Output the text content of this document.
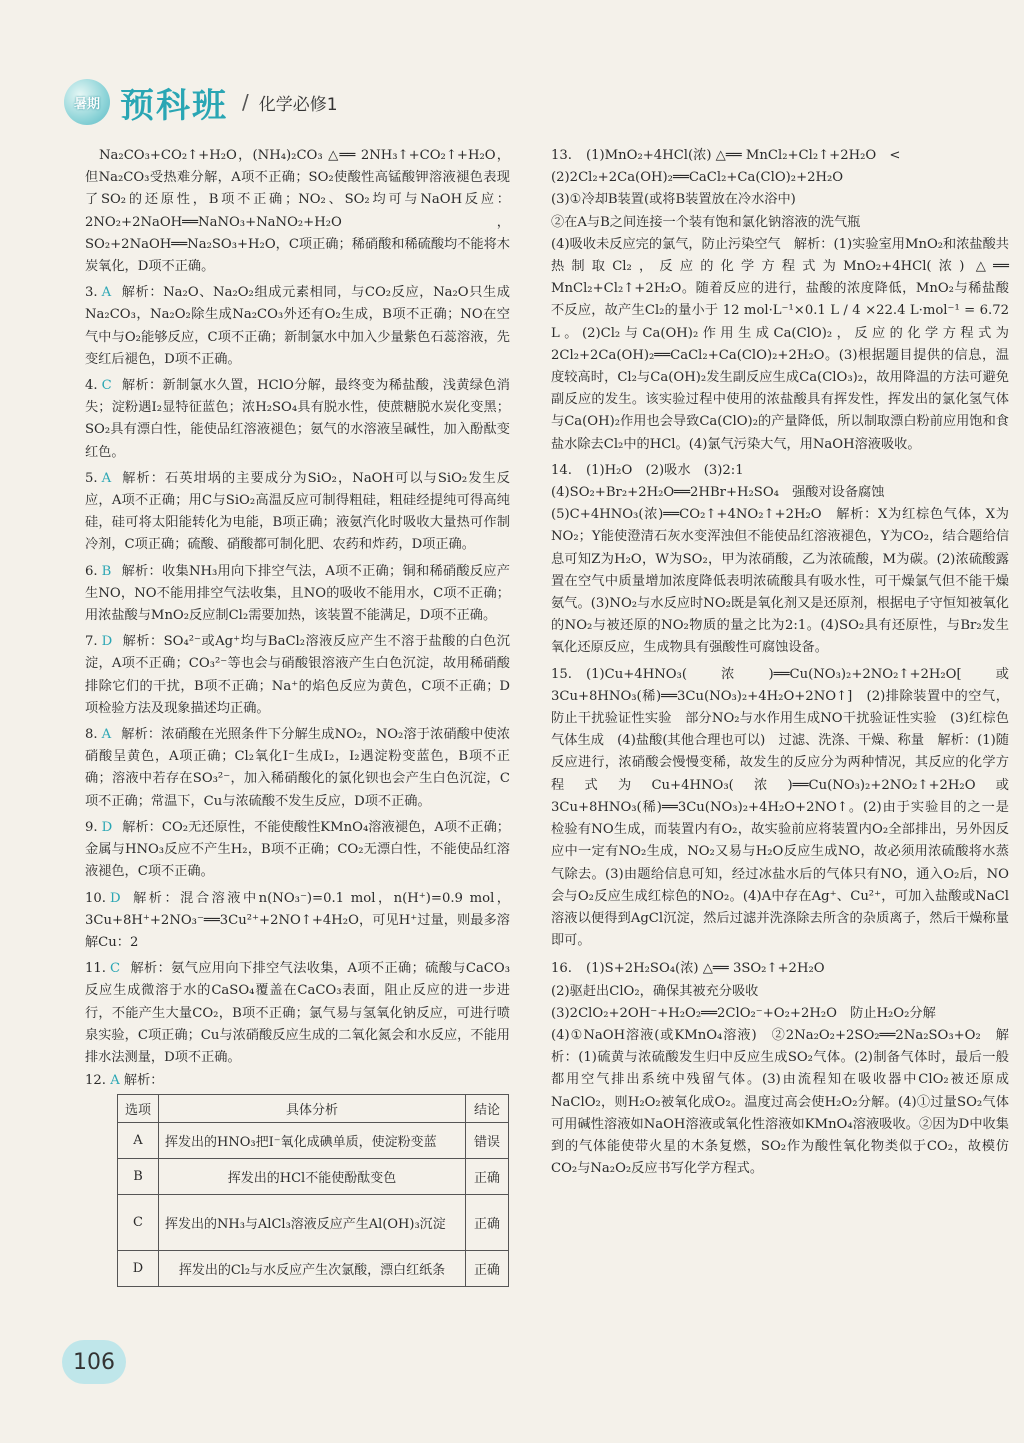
暑期 预科班 / 化学必修1
Na₂CO₃+CO₂↑+H₂O，(NH₄)₂CO₃ △══ 2NH₃↑+CO₂↑+H₂O，但Na₂CO₃受热难分解，A项不正确；SO₂使酸性高锰酸钾溶液褪色表现了SO₂的还原性，B项不正确；NO₂、SO₂均可与NaOH反应：2NO₂+2NaOH══NaNO₃+NaNO₂+H₂O，SO₂+2NaOH══Na₂SO₃+H₂O，C项正确；稀硝酸和稀硫酸均不能将木炭氧化，D项不正确。
3. A 解析：Na₂O、Na₂O₂组成元素相同，与CO₂反应，Na₂O只生成Na₂CO₃，Na₂O₂除生成Na₂CO₃外还有O₂生成，B项不正确；NO在空气中与O₂能够反应，C项不正确；新制氯水中加入少量紫色石蕊溶液，先变红后褪色，D项不正确。
4. C 解析：新制氯水久置，HClO分解，最终变为稀盐酸，浅黄绿色消失；淀粉遇I₂显特征蓝色；浓H₂SO₄具有脱水性，使蔗糖脱水炭化变黑；SO₂具有漂白性，能使品红溶液褪色；氨气的水溶液呈碱性，加入酚酞变红色。
5. A 解析：石英坩埚的主要成分为SiO₂，NaOH可以与SiO₂发生反应，A项不正确；用C与SiO₂高温反应可制得粗硅，粗硅经提纯可得高纯硅，硅可将太阳能转化为电能，B项正确；液氨汽化时吸收大量热可作制冷剂，C项正确；硫酸、硝酸都可制化肥、农药和炸药，D项正确。
6. B 解析：收集NH₃用向下排空气法，A项不正确；铜和稀硝酸反应产生NO，NO不能用排空气法收集，且NO的吸收不能用水，C项不正确；用浓盐酸与MnO₂反应制Cl₂需要加热，该装置不能满足，D项不正确。
7. D 解析：SO₄²⁻或Ag⁺均与BaCl₂溶液反应产生不溶于盐酸的白色沉淀，A项不正确；CO₃²⁻等也会与硝酸银溶液产生白色沉淀，故用稀硝酸排除它们的干扰，B项不正确；Na⁺的焰色反应为黄色，C项不正确；D项检验方法及现象描述均正确。
8. A 解析：浓硝酸在光照条件下分解生成NO₂，NO₂溶于浓硝酸中使浓硝酸呈黄色，A项正确；Cl₂氧化I⁻生成I₂，I₂遇淀粉变蓝色，B项不正确；溶液中若存在SO₃²⁻，加入稀硝酸化的氯化钡也会产生白色沉淀，C项不正确；常温下，Cu与浓硫酸不发生反应，D项不正确。
9. D 解析：CO₂无还原性，不能使酸性KMnO₄溶液褪色，A项不正确；金属与HNO₃反应不产生H₂，B项不正确；CO₂无漂白性，不能使品红溶液褪色，C项不正确。
10. D 解析：混合溶液中n(NO₃⁻)=0.1 mol，n(H⁺)=0.9 mol，3Cu+8H⁺+2NO₃⁻══3Cu²⁺+2NO↑+4H₂O，可见H⁺过量，则最多溶解Cu：2
11. C 解析：氨气应用向下排空气法收集，A项不正确；硫酸与CaCO₃反应生成微溶于水的CaSO₄覆盖在CaCO₃表面，阻止反应的进一步进行，不能产生大量CO₂，B项不正确；氯气易与氢氧化钠反应，可进行喷泉实验，C项正确；Cu与浓硝酸反应生成的二氧化氮会和水反应，不能用排水法测量，D项不正确。
12. A 解析：
选项	具体分析	结论
A	挥发出的HNO₃把I⁻氧化成碘单质，使淀粉变蓝	错误
B	挥发出的HCl不能使酚酞变色	正确
C	挥发出的NH₃与AlCl₃溶液反应产生Al(OH)₃沉淀	正确
D	挥发出的Cl₂与水反应产生次氯酸，漂白红纸条	正确
13. (1)MnO₂+4HCl(浓) △══ MnCl₂+Cl₂↑+2H₂O　<
(2)2Cl₂+2Ca(OH)₂══CaCl₂+Ca(ClO)₂+2H₂O
(3)①冷却B装置(或将B装置放在冷水浴中)
②在A与B之间连接一个装有饱和氯化钠溶液的洗气瓶
(4)吸收未反应完的氯气，防止污染空气　解析：(1)实验室用MnO₂和浓盐酸共热制取Cl₂，反应的化学方程式为MnO₂+4HCl(浓) △══ MnCl₂+Cl₂↑+2H₂O。随着反应的进行，盐酸的浓度降低，MnO₂与稀盐酸不反应，故产生Cl₂的量小于 12 mol·L⁻¹×0.1 L / 4 ×22.4 L·mol⁻¹ = 6.72 L。(2)Cl₂与Ca(OH)₂作用生成Ca(ClO)₂，反应的化学方程式为2Cl₂+2Ca(OH)₂══CaCl₂+Ca(ClO)₂+2H₂O。(3)根据题目提供的信息，温度较高时，Cl₂与Ca(OH)₂发生副反应生成Ca(ClO₃)₂，故用降温的方法可避免副反应的发生。该实验过程中使用的浓盐酸具有挥发性，挥发出的氯化氢气体与Ca(OH)₂作用也会导致Ca(ClO)₂的产量降低，所以制取漂白粉前应用饱和食盐水除去Cl₂中的HCl。(4)氯气污染大气，用NaOH溶液吸收。
14. (1)H₂O　(2)吸水　(3)2:1
(4)SO₂+Br₂+2H₂O══2HBr+H₂SO₄　强酸对设备腐蚀
(5)C+4HNO₃(浓)══CO₂↑+4NO₂↑+2H₂O　解析：X为红棕色气体，X为NO₂；Y能使澄清石灰水变浑浊但不能使品红溶液褪色，Y为CO₂，结合题给信息可知Z为H₂O，W为SO₂，甲为浓硝酸，乙为浓硫酸，M为碳。(2)浓硫酸露置在空气中质量增加浓度降低表明浓硫酸具有吸水性，可干燥氯气但不能干燥氨气。(3)NO₂与水反应时NO₂既是氧化剂又是还原剂，根据电子守恒知被氧化的NO₂与被还原的NO₂物质的量之比为2:1。(4)SO₂具有还原性，与Br₂发生氧化还原反应，生成物具有强酸性可腐蚀设备。
15. (1)Cu+4HNO₃(浓)══Cu(NO₃)₂+2NO₂↑+2H₂O[或3Cu+8HNO₃(稀)══3Cu(NO₃)₂+4H₂O+2NO↑]　(2)排除装置中的空气，防止干扰验证性实验　部分NO₂与水作用生成NO干扰验证性实验　(3)红棕色气体生成　(4)盐酸(其他合理也可以)　过滤、洗涤、干燥、称量　解析：(1)随反应进行，浓硝酸会慢慢变稀，故发生的反应分为两种情况，其反应的化学方程式为Cu+4HNO₃(浓)══Cu(NO₃)₂+2NO₂↑+2H₂O或3Cu+8HNO₃(稀)══3Cu(NO₃)₂+4H₂O+2NO↑。(2)由于实验目的之一是检验有NO生成，而装置内有O₂，故实验前应将装置内O₂全部排出，另外因反应中一定有NO₂生成，NO₂又易与H₂O反应生成NO，故必须用浓硫酸将水蒸气除去。(3)由题给信息可知，经过冰盐水后的气体只有NO，通入O₂后，NO会与O₂反应生成红棕色的NO₂。(4)A中存在Ag⁺、Cu²⁺，可加入盐酸或NaCl溶液以便得到AgCl沉淀，然后过滤并洗涤除去所含的杂质离子，然后干燥称量即可。
16. (1)S+2H₂SO₄(浓) △══ 3SO₂↑+2H₂O
(2)驱赶出ClO₂，确保其被充分吸收
(3)2ClO₂+2OH⁻+H₂O₂══2ClO₂⁻+O₂+2H₂O　防止H₂O₂分解
(4)①NaOH溶液(或KMnO₄溶液)　②2Na₂O₂+2SO₂══2Na₂SO₃+O₂　解析：(1)硫黄与浓硫酸发生归中反应生成SO₂气体。(2)制备气体时，最后一般都用空气排出系统中残留气体。(3)由流程知在吸收器中ClO₂被还原成NaClO₂，则H₂O₂被氧化成O₂。温度过高会使H₂O₂分解。(4)①过量SO₂气体可用碱性溶液如NaOH溶液或氧化性溶液如KMnO₄溶液吸收。②因为D中收集到的气体能使带火星的木条复燃，SO₂作为酸性氧化物类似于CO₂，故模仿CO₂与Na₂O₂反应书写化学方程式。
106
